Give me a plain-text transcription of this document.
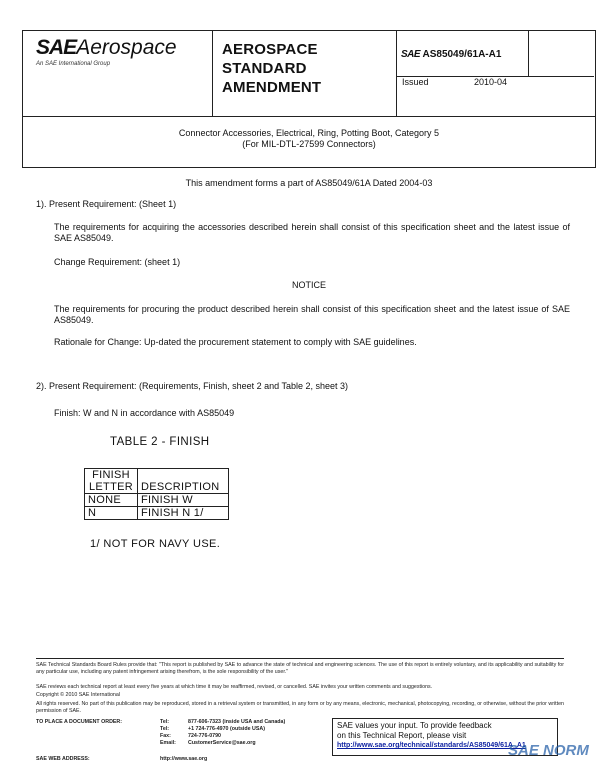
SAEAerospace
An SAE International Group
AEROSPACE
STANDARD
AMENDMENT
SAE AS85049/61A-A1
Issued	2010-04
Connector Accessories, Electrical, Ring, Potting Boot, Category 5
(For MIL-DTL-27599 Connectors)
This amendment forms a part of AS85049/61A Dated 2004-03
1). Present Requirement: (Sheet 1)
The requirements for acquiring the accessories described herein shall consist of this specification sheet and the latest issue of SAE AS85049.
Change Requirement: (sheet 1)
NOTICE
The requirements for procuring the product described herein shall consist of this specification sheet and the latest issue of SAE AS85049.
Rationale for Change: Up-dated the procurement statement to comply with SAE guidelines.
2). Present Requirement: (Requirements, Finish, sheet 2 and Table 2, sheet 3)
Finish: W and N in accordance with AS85049
TABLE 2 - FINISH
FINISH
LETTER	DESCRIPTION
NONE	FINISH W
N	FINISH N 1/
1/ NOT FOR NAVY USE.
SAE Technical Standards Board Rules provide that: "This report is published by SAE to advance the state of technical and engineering sciences. The use of this report is entirely voluntary, and its applicability and suitability for any particular use, including any patent infringement arising therefrom, is the sole responsibility of the user."
SAE reviews each technical report at least every five years at which time it may be reaffirmed, revised, or cancelled. SAE invites your written comments and suggestions.
Copyright © 2010 SAE International
All rights reserved. No part of this publication may be reproduced, stored in a retrieval system or transmitted, in any form or by any means, electronic, mechanical, photocopying, recording, or otherwise, without the prior written permission of SAE.
TO PLACE A DOCUMENT ORDER:	Tel:	877-606-7323 (inside USA and Canada)
Tel:	+1 724-776-4970 (outside USA)
Fax:	724-776-0790
Email: CustomerService@sae.org
SAE WEB ADDRESS:	http://www.sae.org
SAE values your input. To provide feedback
on this Technical Report, please visit
http://www.sae.org/technical/standards/AS85049/61A_A1
SAE NORM
